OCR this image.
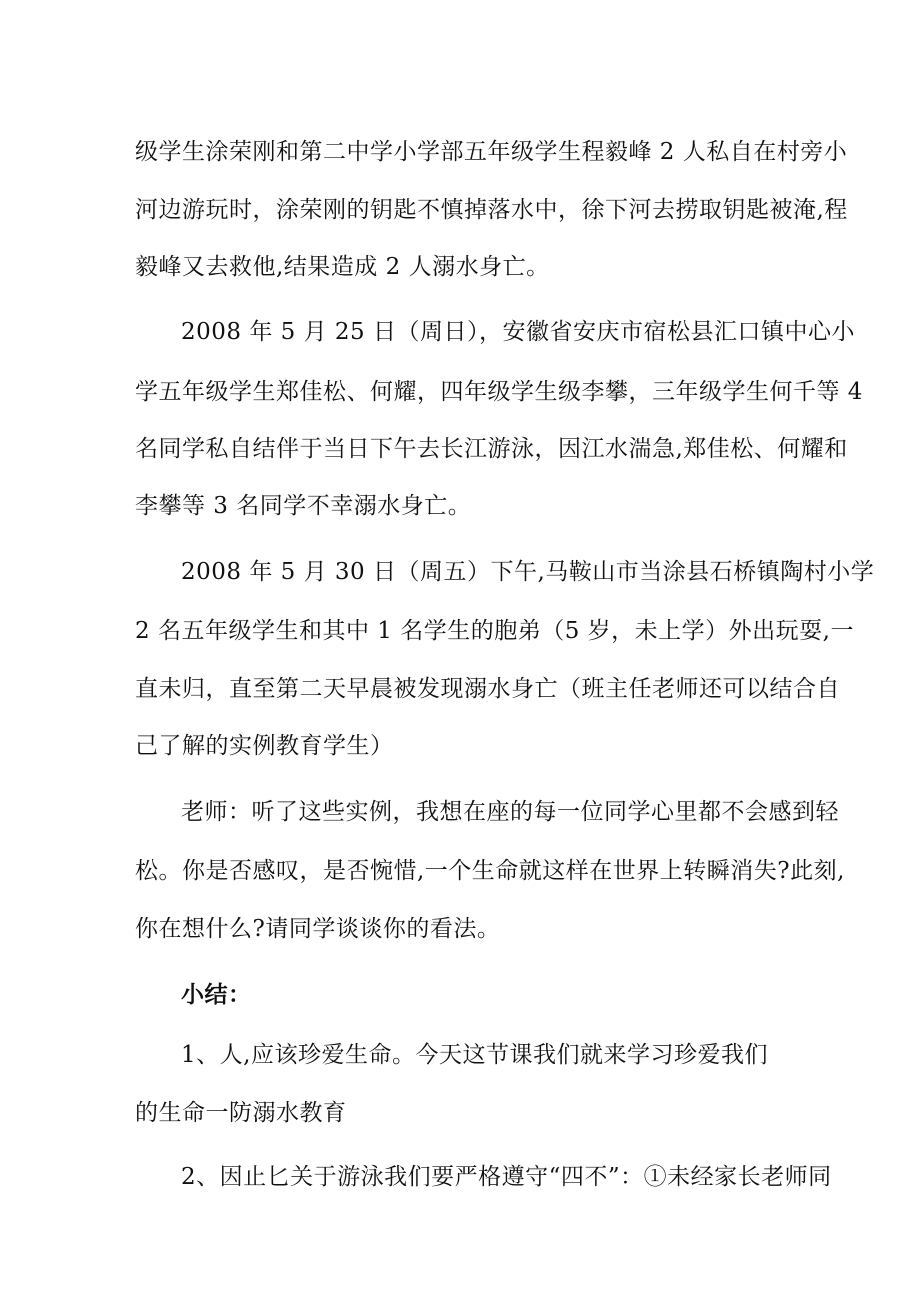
级学生涂荣刚和第二中学小学部五年级学生程毅峰 2 人私自在村旁小

河边游玩时，涂荣刚的钥匙不慎掉落水中，徐下河去捞取钥匙被淹,程

毅峰又去救他,结果造成 2 人溺水身亡。

2008 年 5 月 25 日（周日），安徽省安庆市宿松县汇口镇中心小

学五年级学生郑佳松、何耀，四年级学生级李攀，三年级学生何千等 4

名同学私自结伴于当日下午去长江游泳，因江水湍急,郑佳松、何耀和

李攀等 3 名同学不幸溺水身亡。

2008 年 5 月 30 日（周五）下午,马鞍山市当涂县石桥镇陶村小学

2 名五年级学生和其中 1 名学生的胞弟（5 岁，未上学）外出玩耍,一

直未归，直至第二天早晨被发现溺水身亡（班主任老师还可以结合自

己了解的实例教育学生）

老师：听了这些实例，我想在座的每一位同学心里都不会感到轻

松。你是否感叹，是否惋惜,一个生命就这样在世界上转瞬消失?此刻,

你在想什么?请同学谈谈你的看法。

小结：

1、人,应该珍爱生命。今天这节课我们就来学习珍爱我们

的生命一防溺水教育

2、因止匕关于游泳我们要严格遵守“四不”：①未经家长老师同
